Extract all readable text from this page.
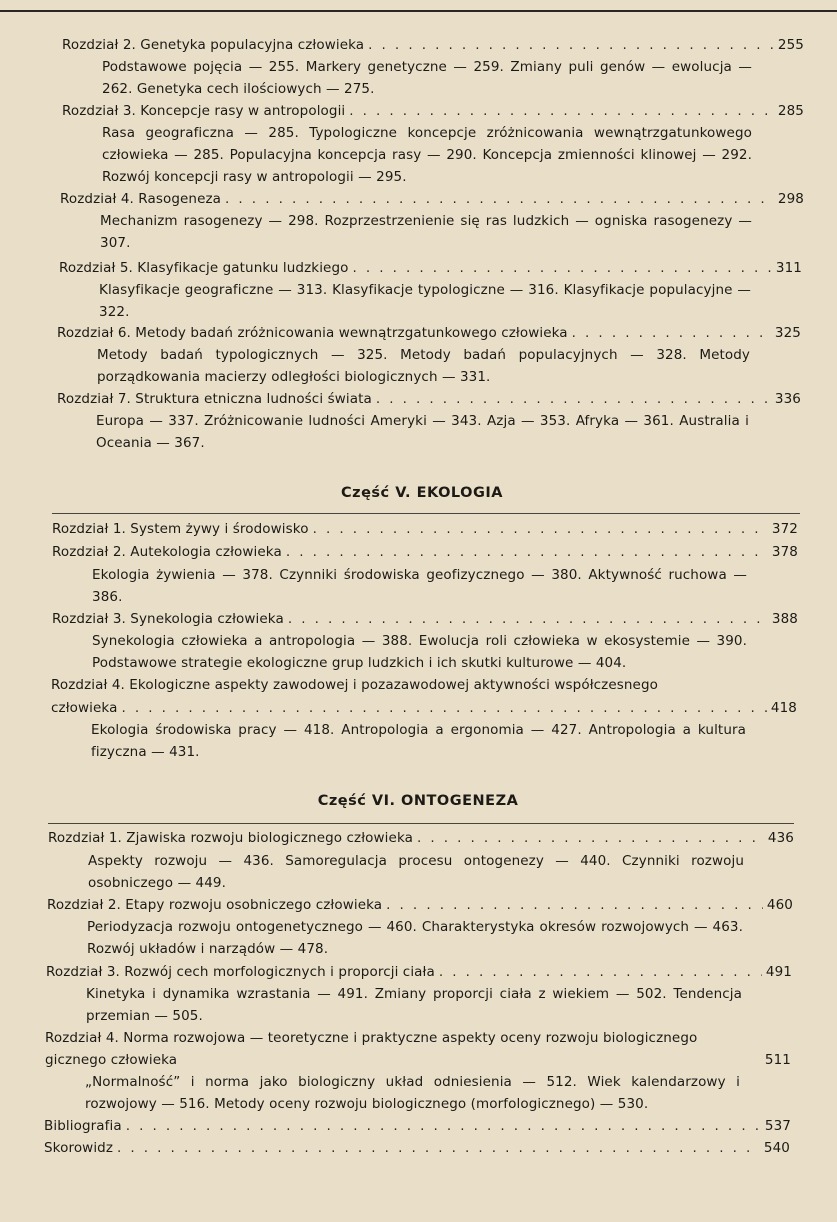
Rozdział 2. Genetyka populacyjna człowieka . . .	255
Podstawowe pojęcia — 255. Markery genetyczne — 259. Zmiany puli genów — ewolucja — 262. Genetyka cech ilościowych — 275.
Rozdział 3. Koncepcje rasy w antropologii . . .	285
Rasa geograficzna — 285. Typologiczne koncepcje zróżnicowania wewnątrzgatunkowego człowieka — 285. Populacyjna koncepcja rasy — 290. Koncepcja zmienności klinowej — 292. Rozwój koncepcji rasy w antropologii — 295.
Rozdział 4. Rasogeneza . . .	298
Mechanizm rasogenezy — 298. Rozprzestrzenienie się ras ludzkich — ogniska rasogenezy — 307.
Rozdział 5. Klasyfikacje gatunku ludzkiego . . .	311
Klasyfikacje geograficzne — 313. Klasyfikacje typologiczne — 316. Klasyfikacje populacyjne — 322.
Rozdział 6. Metody badań zróżnicowania wewnątrzgatunkowego człowieka . . .	325
Metody badań typologicznych — 325. Metody badań populacyjnych — 328. Metody porządkowania macierzy odległości biologicznych — 331.
Rozdział 7. Struktura etniczna ludności świata . . .	336
Europa — 337. Zróżnicowanie ludności Ameryki — 343. Azja — 353. Afryka — 361. Australia i Oceania — 367.
Część V. EKOLOGIA
Rozdział 1. System żywy i środowisko . . .	372
Rozdział 2. Autekologia człowieka . . .	378
Ekologia żywienia — 378. Czynniki środowiska geofizycznego — 380. Aktywność ruchowa — 386.
Rozdział 3. Synekologia człowieka . . .	388
Synekologia człowieka a antropologia — 388. Ewolucja roli człowieka w ekosystemie — 390. Podstawowe strategie ekologiczne grup ludzkich i ich skutki kulturowe — 404.
Rozdział 4. Ekologiczne aspekty zawodowej i pozazawodowej aktywności współczesnego
człowieka . . .	418
Ekologia środowiska pracy — 418. Antropologia a ergonomia — 427. Antropologia a kultura fizyczna — 431.
Część VI. ONTOGENEZA
Rozdział 1. Zjawiska rozwoju biologicznego człowieka . . .	436
Aspekty rozwoju — 436. Samoregulacja procesu ontogenezy — 440. Czynniki rozwoju osobniczego — 449.
Rozdział 2. Etapy rozwoju osobniczego człowieka . . .	460
Periodyzacja rozwoju ontogenetycznego — 460. Charakterystyka okresów rozwojowych — 463. Rozwój układów i narządów — 478.
Rozdział 3. Rozwój cech morfologicznych i proporcji ciała . . .	491
Kinetyka i dynamika wzrastania — 491. Zmiany proporcji ciała z wiekiem — 502. Tendencja przemian — 505.
Rozdział 4. Norma rozwojowa — teoretyczne i praktyczne aspekty oceny rozwoju biologicznego
gicznego człowieka	511
„Normalność” i norma jako biologiczny układ odniesienia — 512. Wiek kalendarzowy i rozwojowy — 516. Metody oceny rozwoju biologicznego (morfologicznego) — 530.
Bibliografia . . .	537
Skorowidz . . .	540
